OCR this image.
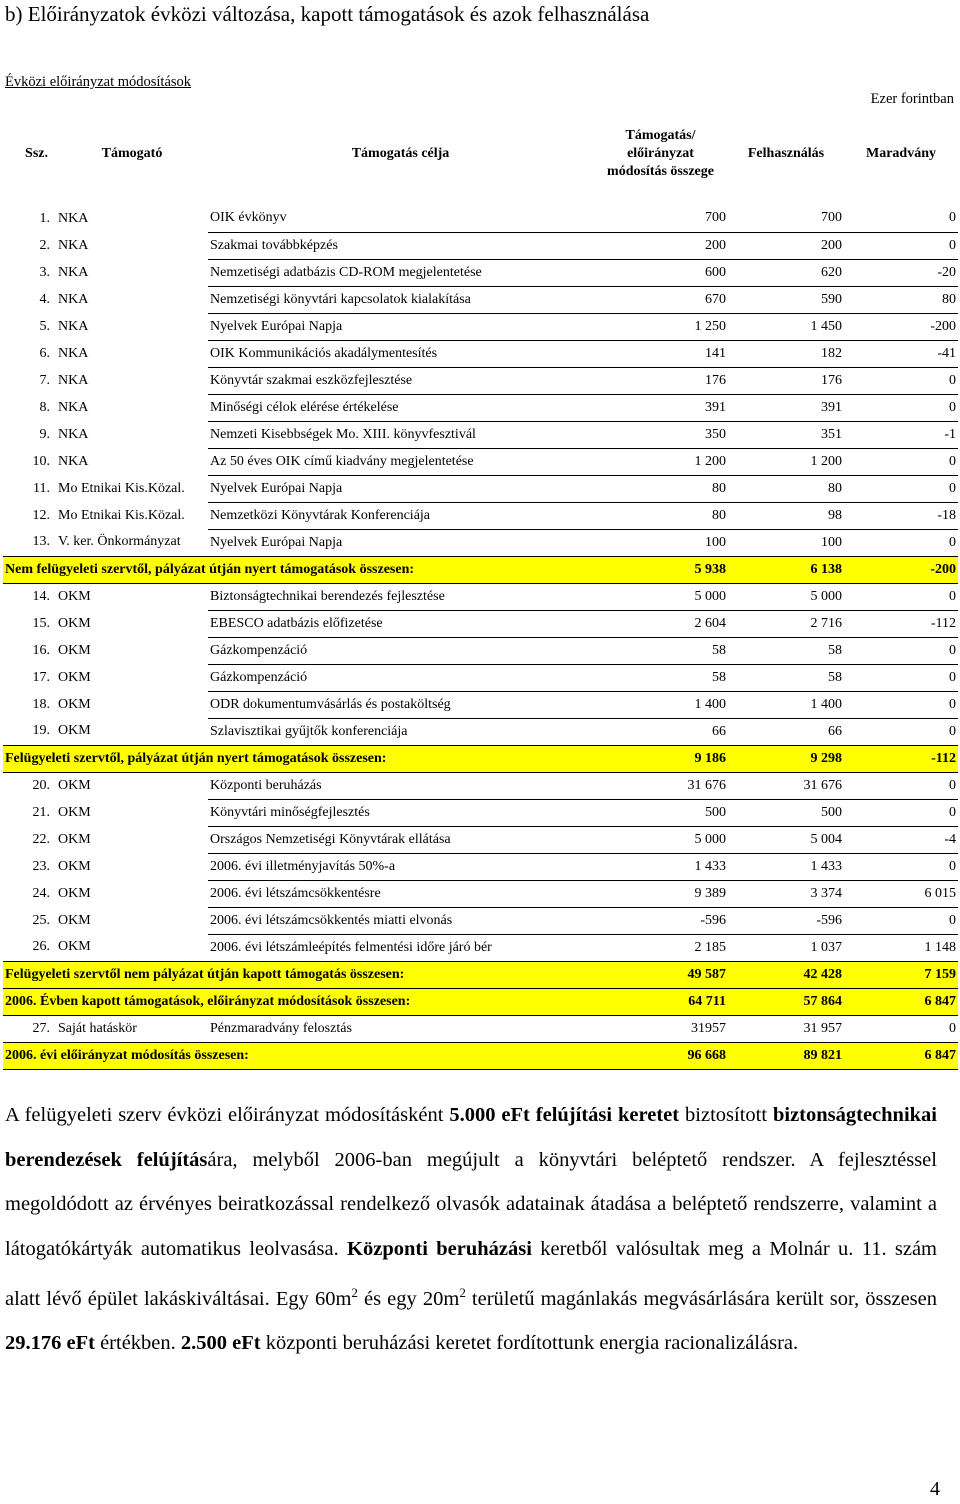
b) Előirányzatok évközi változása, kapott támogatások és azok felhasználása
Évközi előirányzat módosítások
Ezer forintban
Ssz.	Támogató	Támogatás célja	Támogatás/
előirányzat
módosítás összege	Felhasználás	Maradvány

1.	NKA	OIK évkönyv	700	700	0
2.	NKA	Szakmai továbbképzés	200	200	0
3.	NKA	Nemzetiségi adatbázis CD-ROM megjelentetése	600	620	-20
4.	NKA	Nemzetiségi könyvtári kapcsolatok kialakítása	670	590	80
5.	NKA	Nyelvek Európai Napja	1 250	1 450	-200
6.	NKA	OIK Kommunikációs akadálymentesítés	141	182	-41
7.	NKA	Könyvtár szakmai eszközfejlesztése	176	176	0
8.	NKA	Minőségi célok elérése értékelése	391	391	0
9.	NKA	Nemzeti Kisebbségek Mo. XIII. könyvfesztivál	350	351	-1
10.	NKA	Az 50 éves OIK című kiadvány megjelentetése	1 200	1 200	0
11.	Mo Etnikai Kis.Közal.	Nyelvek Európai Napja	80	80	0
12.	Mo Etnikai Kis.Közal.	Nemzetközi Könyvtárak Konferenciája	80	98	-18
13.	V. ker. Önkormányzat	Nyelvek Európai Napja	100	100	0
Nem felügyeleti szervtől, pályázat útján nyert támogatások összesen:			5 938	6 138	-200
14.	OKM	Biztonságtechnikai berendezés fejlesztése	5 000	5 000	0
15.	OKM	EBESCO adatbázis előfizetése	2 604	2 716	-112
16.	OKM	Gázkompenzáció	58	58	0
17.	OKM	Gázkompenzáció	58	58	0
18.	OKM	ODR dokumentumvásárlás és postaköltség	1 400	1 400	0
19.	OKM	Szlavisztikai gyűjtők konferenciája	66	66	0
Felügyeleti szervtől, pályázat útján nyert támogatások összesen:			9 186	9 298	-112
20.	OKM	Központi beruházás	31 676	31 676	0
21.	OKM	Könyvtári minőségfejlesztés	500	500	0
22.	OKM	Országos Nemzetiségi Könyvtárak ellátása	5 000	5 004	-4
23.	OKM	2006. évi illetményjavítás 50%-a	1 433	1 433	0
24.	OKM	2006. évi létszámcsökkentésre	9 389	3 374	6 015
25.	OKM	2006. évi létszámcsökkentés miatti elvonás	-596	-596	0
26.	OKM	2006. évi létszámleépítés felmentési időre járó bér	2 185	1 037	1 148
Felügyeleti szervtől nem pályázat útján kapott támogatás összesen:			49 587	42 428	7 159
2006. Évben kapott támogatások, előirányzat módosítások összesen:			64 711	57 864	6 847
27.	Saját hatáskör	Pénzmaradvány felosztás	31957	31 957	0
2006. évi előirányzat módosítás összesen:			96 668	89 821	6 847
A felügyeleti szerv évközi előirányzat módosításként 5.000 eFt felújítási keretet biztosított biztonságtechnikai berendezések felújítására, melyből 2006-ban megújult a könyvtári beléptető rendszer. A fejlesztéssel megoldódott az érvényes beiratkozással rendelkező olvasók adatainak átadása a beléptető rendszerre, valamint a látogatókártyák automatikus leolvasása. Központi beruházási keretből valósultak meg a Molnár u. 11. szám alatt lévő épület lakáskiváltásai. Egy $60m^2$ és egy $20m^2$ területű magánlakás megvásárlására került sor, összesen 29.176 eFt értékben. 2.500 eFt központi beruházási keretet fordítottunk energia racionalizálásra.
4
